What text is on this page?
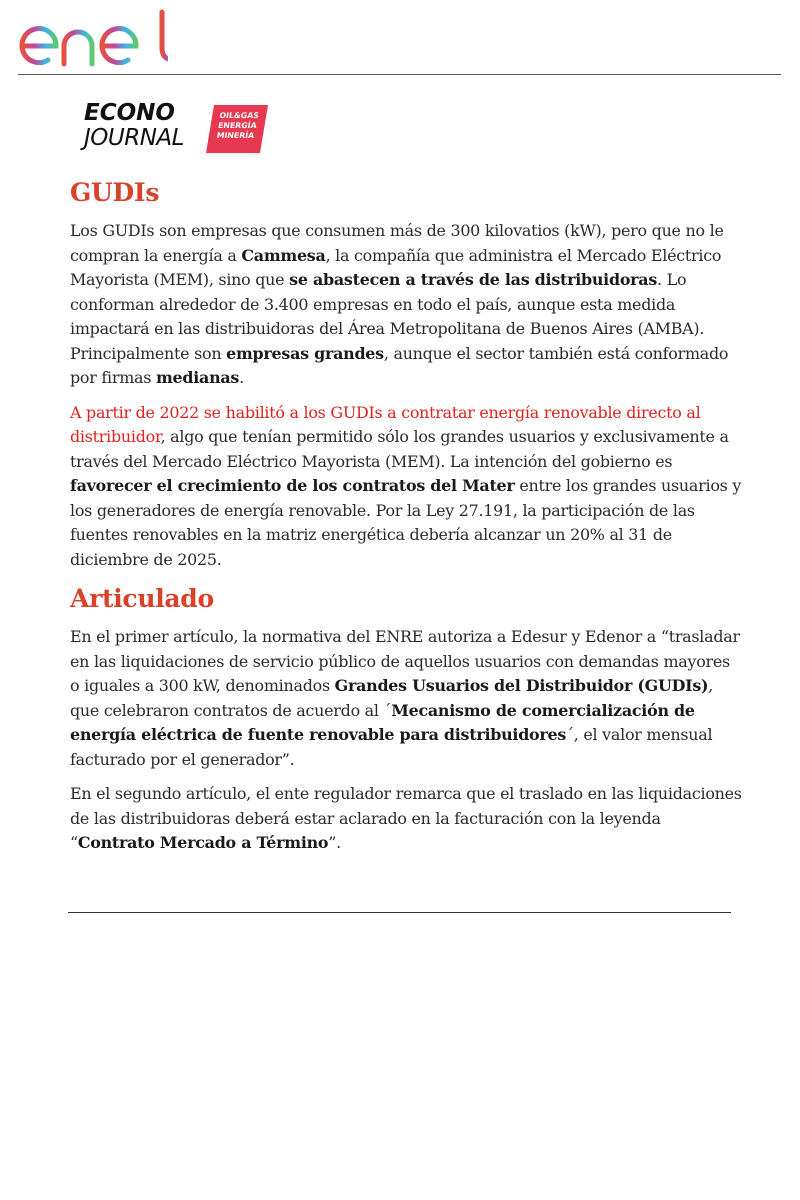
enel
ECONO
JOURNAL
OIL&GAS
ENERGÍA
MINERÍA
GUDIs

Los GUDIs son empresas que consumen más de 300 kilovatios (kW), pero que no le compran la energía a Cammesa, la compañía que administra el Mercado Eléctrico Mayorista (MEM), sino que se abastecen a través de las distribuidoras. Lo conforman alrededor de 3.400 empresas en todo el país, aunque esta medida impactará en las distribuidoras del Área Metropolitana de Buenos Aires (AMBA). Principalmente son empresas grandes, aunque el sector también está conformado por firmas medianas.

A partir de 2022 se habilitó a los GUDIs a contratar energía renovable directo al distribuidor, algo que tenían permitido sólo los grandes usuarios y exclusivamente a través del Mercado Eléctrico Mayorista (MEM). La intención del gobierno es favorecer el crecimiento de los contratos del Mater entre los grandes usuarios y los generadores de energía renovable. Por la Ley 27.191, la participación de las fuentes renovables en la matriz energética debería alcanzar un 20% al 31 de diciembre de 2025.

Articulado

En el primer artículo, la normativa del ENRE autoriza a Edesur y Edenor a “trasladar en las liquidaciones de servicio público de aquellos usuarios con demandas mayores o iguales a 300 kW, denominados Grandes Usuarios del Distribuidor (GUDIs), que celebraron contratos de acuerdo al ´Mecanismo de comercialización de energía eléctrica de fuente renovable para distribuidores´, el valor mensual facturado por el generador”.

En el segundo artículo, el ente regulador remarca que el traslado en las liquidaciones de las distribuidoras deberá estar aclarado en la facturación con la leyenda “Contrato Mercado a Término”.
